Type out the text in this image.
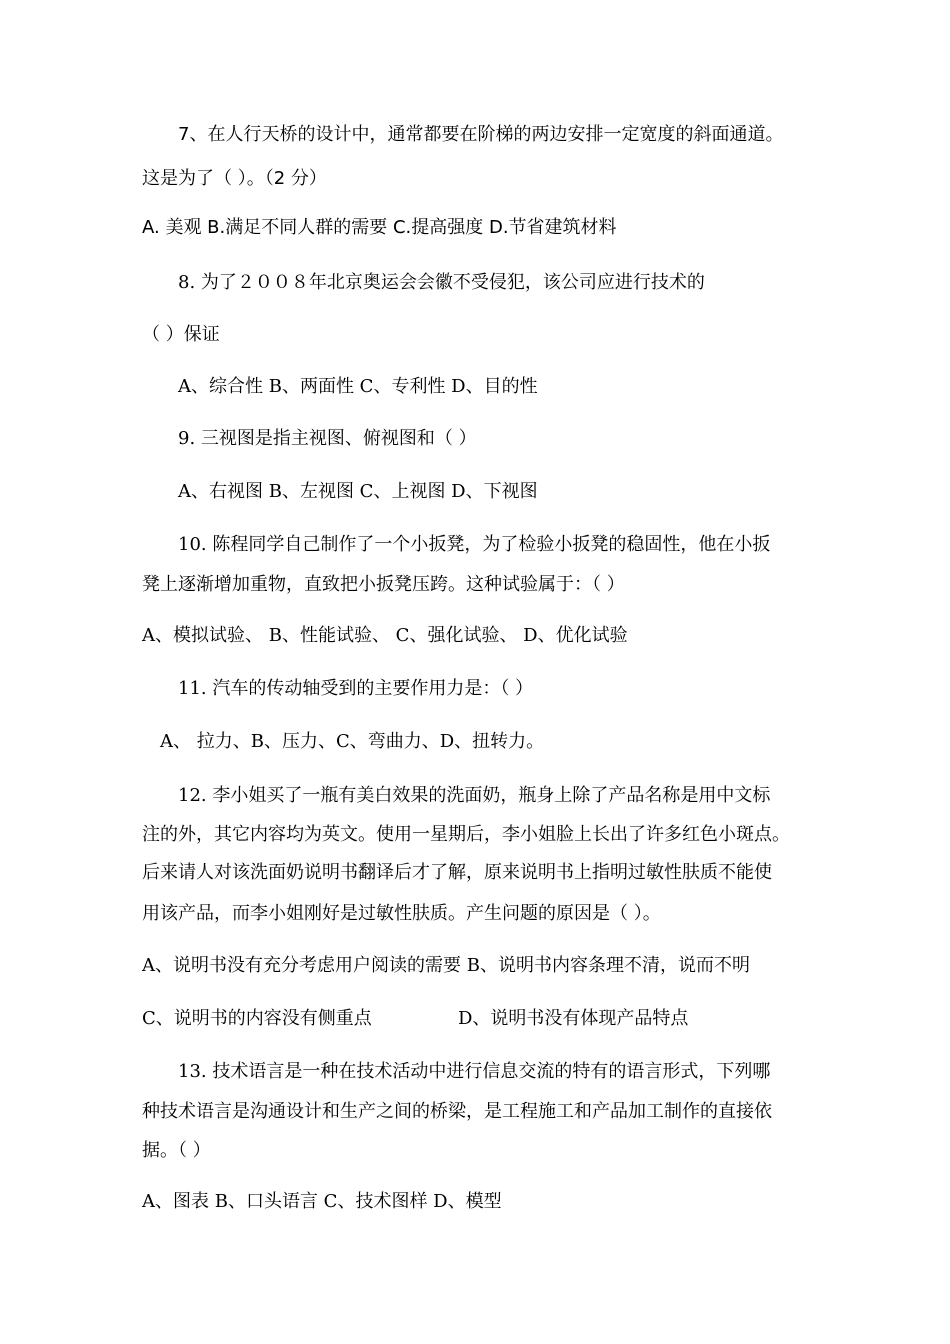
7、在人行天桥的设计中，通常都要在阶梯的两边安排一定宽度的斜面通道。
这是为了（ ）。（2 分）
A. 美观 B.满足不同人群的需要 C.提高强度 D.节省建筑材料
8. 为了２００８年北京奥运会会徽不受侵犯，该公司应进行技术的
（ ）保证
A、综合性 B、两面性 C、专利性 D、目的性
9. 三视图是指主视图、俯视图和（ ）
A、右视图 B、左视图 C、上视图 D、下视图
10. 陈程同学自己制作了一个小扳凳，为了检验小扳凳的稳固性，他在小扳
凳上逐渐增加重物，直致把小扳凳压跨。这种试验属于：（ ）
A、模拟试验、 B、性能试验、 C、强化试验、 D、优化试验
11. 汽车的传动轴受到的主要作用力是：（ ）
A、 拉力、B、压力、C、弯曲力、D、扭转力。
12. 李小姐买了一瓶有美白效果的洗面奶，瓶身上除了产品名称是用中文标
注的外，其它内容均为英文。使用一星期后，李小姐脸上长出了许多红色小斑点。
后来请人对该洗面奶说明书翻译后才了解，原来说明书上指明过敏性肤质不能使
用该产品，而李小姐刚好是过敏性肤质。产生问题的原因是（ ）。
A、说明书没有充分考虑用户阅读的需要 B、说明书内容条理不清，说而不明
C、说明书的内容没有侧重点	D、说明书没有体现产品特点
13. 技术语言是一种在技术活动中进行信息交流的特有的语言形式，下列哪
种技术语言是沟通设计和生产之间的桥梁，是工程施工和产品加工制作的直接依
据。（ ）
A、图表 B、口头语言 C、技术图样 D、模型
